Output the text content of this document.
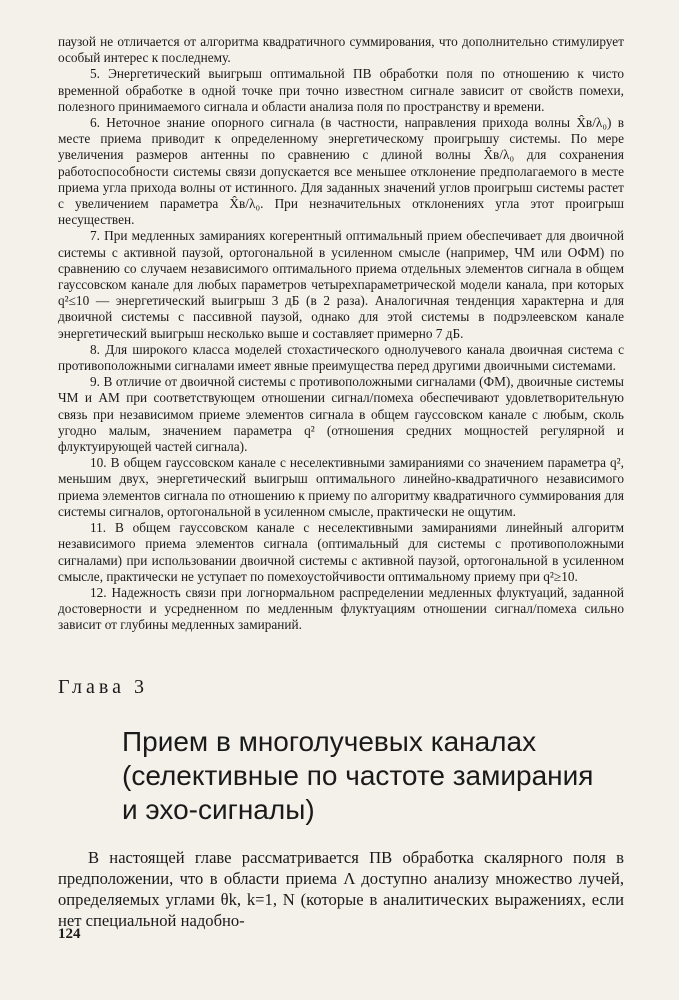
паузой не отличается от алгоритма квадратичного суммирования, что дополнительно стимулирует особый интерес к последнему.

5. Энергетический выигрыш оптимальной ПВ обработки поля по отношению к чисто временной обработке в одной точке при точно известном сигнале зависит от свойств помехи, полезного принимаемого сигнала и области анализа поля по пространству и времени.

6. Неточное знание опорного сигнала (в частности, направления прихода волны X̂в/λ₀) в месте приема приводит к определенному энергетическому проигрышу системы. По мере увеличения размеров антенны по сравнению с длиной волны X̂в/λ₀ для сохранения работоспособности системы связи допускается все меньшее отклонение предполагаемого в месте приема угла прихода волны от истинного. Для заданных значений углов проигрыш системы растет с увеличением параметра X̂в/λ₀. При незначительных отклонениях угла этот проигрыш несуществен.

7. При медленных замираниях когерентный оптимальный прием обеспечивает для двоичной системы с активной паузой, ортогональной в усиленном смысле (например, ЧМ или ОФМ) по сравнению со случаем независимого оптимального приема отдельных элементов сигнала в общем гауссовском канале для любых параметров четырехпараметрической модели канала, при которых q²≤10 — энергетический выигрыш 3 дБ (в 2 раза). Аналогичная тенденция характерна и для двоичной системы с пассивной паузой, однако для этой системы в подрэлеевском канале энергетический выигрыш несколько выше и составляет примерно 7 дБ.

8. Для широкого класса моделей стохастического однолучевого канала двоичная система с противоположными сигналами имеет явные преимущества перед другими двоичными системами.

9. В отличие от двоичной системы с противоположными сигналами (ФМ), двоичные системы ЧМ и АМ при соответствующем отношении сигнал/помеха обеспечивают удовлетворительную связь при независимом приеме элементов сигнала в общем гауссовском канале с любым, сколь угодно малым, значением параметра q² (отношения средних мощностей регулярной и флуктуирующей частей сигнала).

10. В общем гауссовском канале с неселективными замираниями со значением параметра q², меньшим двух, энергетический выигрыш оптимального линейно-квадратичного независимого приема элементов сигнала по отношению к приему по алгоритму квадратичного суммирования для системы сигналов, ортогональной в усиленном смысле, практически не ощутим.

11. В общем гауссовском канале с неселективными замираниями линейный алгоритм независимого приема элементов сигнала (оптимальный для системы с противоположными сигналами) при использовании двоичной системы с активной паузой, ортогональной в усиленном смысле, практически не уступает по помехоустойчивости оптимальному приему при q²≥10.

12. Надежность связи при логнормальном распределении медленных флуктуаций, заданной достоверности и усредненном по медленным флуктуациям отношении сигнал/помеха сильно зависит от глубины медленных замираний.

Глава 3
Прием в многолучевых каналах
(селективные по частоте замирания
и эхо-сигналы)

В настоящей главе рассматривается ПВ обработка скалярного поля в предположении, что в области приема Λ доступно анализу множество лучей, определяемых углами θk, k=1, N (которые в аналитических выражениях, если нет специальной надобно-

124
